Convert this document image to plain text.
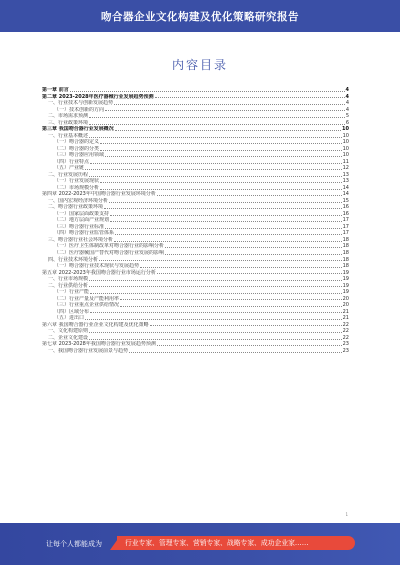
吻合器企业文化构建及优化策略研究报告
内容目录
第一章 前言	4
第二章 2023-2028年医疗器械行业发展趋势预测	4
一、行业技术与创新发展趋势	4
（一）技术创新的方向	4
二、市场需求预测	5
三、行业政策环境	6
第三章 我国吻合器行业发展概况	10
一、行业基本概述	10
（一）吻合器的定义	10
（二）吻合器的分类	10
（三）吻合器应用领域	10
（四）行业特点	11
（五）产业链	12
二、行业发展历程	13
（一）行业发展现状	13
（二）市场规模分析	14
第四章 2022-2023年中国吻合器行业发展环境分析	14
一、国内宏观经济环境分析	15
二、吻合器行业政策环境	16
（一）国家层面政策支持	16
（二）地方层面产业规划	17
（三）吻合器行业标准	17
（四）吻合器行业监管体系	17
三、吻合器行业社会环境分析	18
（一）医疗卫生体制改革对吻合器行业的影响分析	18
（二）医疗器械国产替代对吻合器行业发展的影响	18
四、行业技术环境分析	18
（一）吻合器行业技术现状与发展趋势	18
第五章 2022-2023年我国吻合器行业市场运行分析	19
一、行业市场规模	19
二、行业供给分析	19
（一）行业产能	19
（二）行业产量及产能利用率	20
（三）行业重点企业供给情况	20
（四）区域分布	21
（五）进出口	21
第六章 我国吻合器行业企业文化构建及优化策略	22
一、文化构建原则	22
二、企业文化建设	22
第七章 2023-2028年我国吻合器行业发展趋势预测	23
一、我国吻合器行业发展前景与趋势	23
1
让每个人都能成为	行业专家、管理专家、营销专家、战略专家、成功企业家……
